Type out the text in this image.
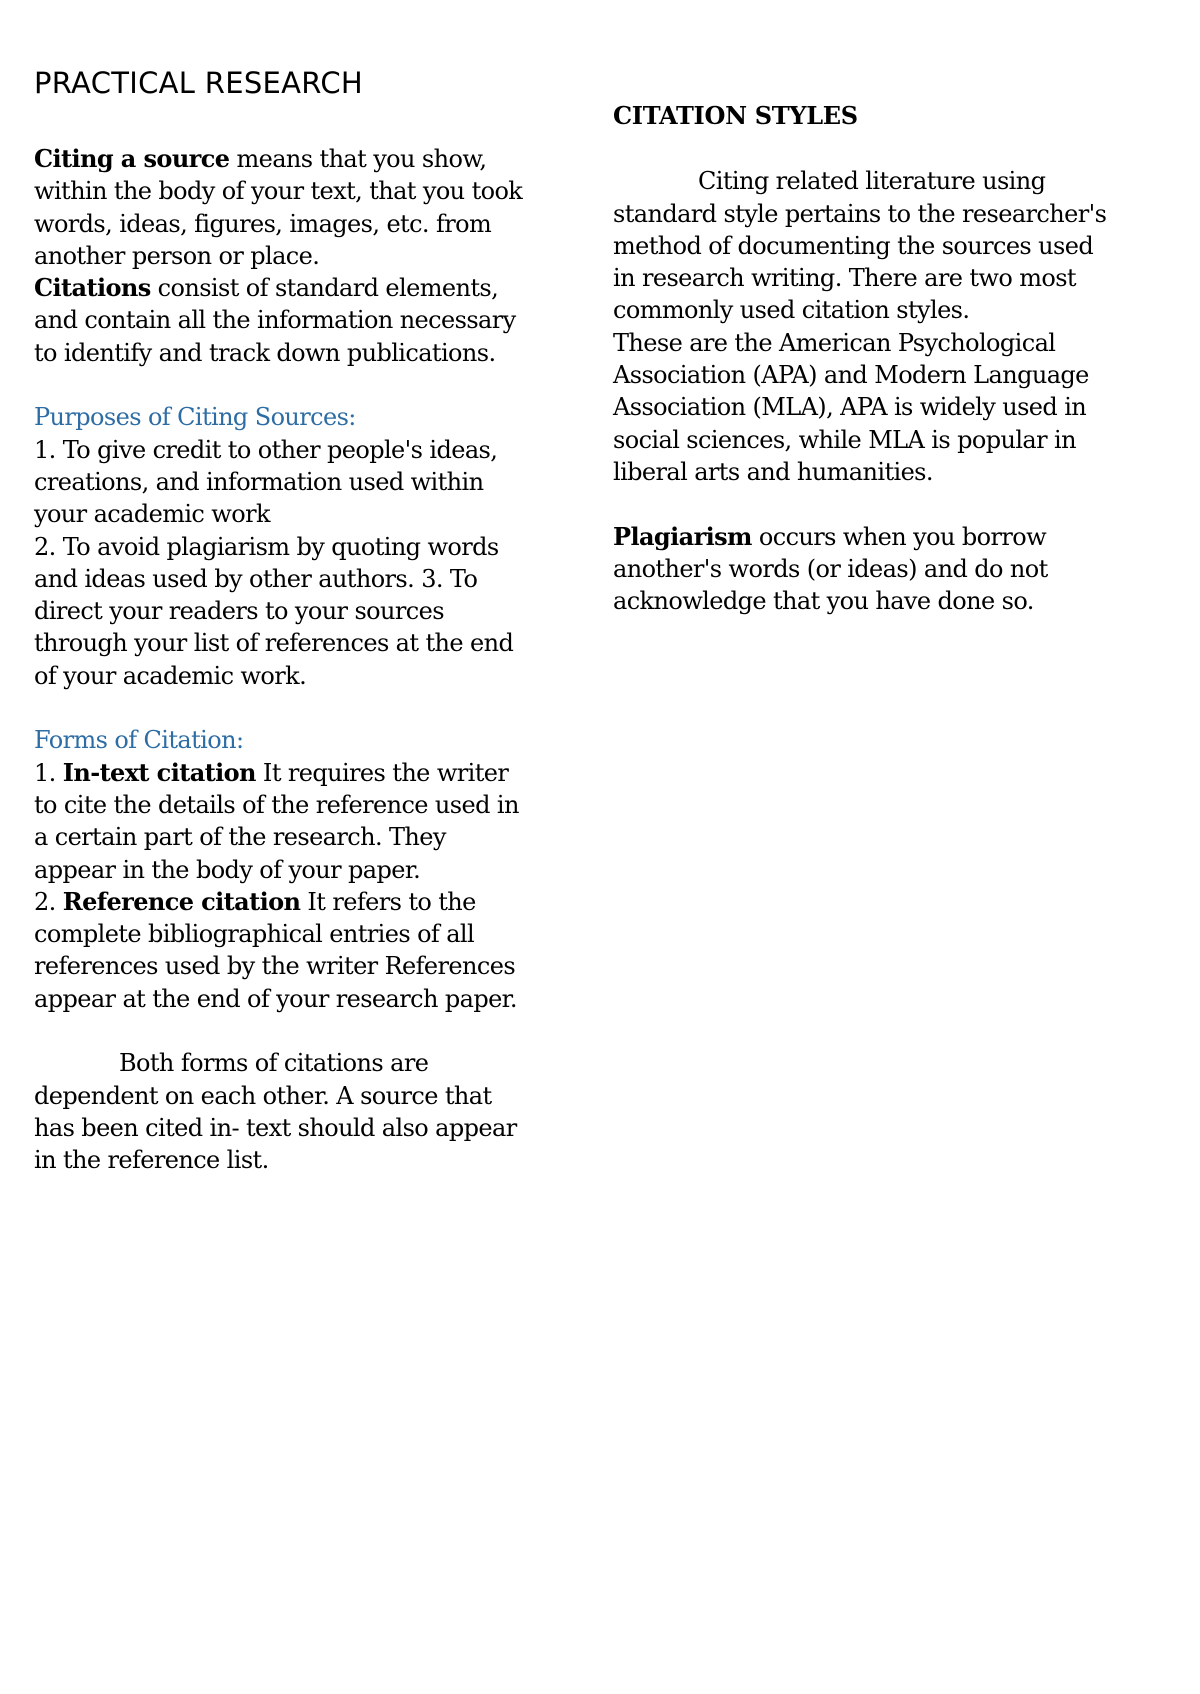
PRACTICAL RESEARCH

Citing a source means that you show, within the body of your text, that you took words, ideas, figures, images, etc. from another person or place.

Citations consist of standard elements, and contain all the information necessary to identify and track down publications.

Purposes of Citing Sources:

1. To give credit to other people's ideas, creations, and information used within your academic work

2. To avoid plagiarism by quoting words and ideas used by other authors. 3. To direct your readers to your sources through your list of references at the end of your academic work.

Forms of Citation:

1. In-text citation It requires the writer to cite the details of the reference used in a certain part of the research. They appear in the body of your paper.

2. Reference citation It refers to the complete bibliographical entries of all references used by the writer References appear at the end of your research paper.

Both forms of citations are dependent on each other. A source that has been cited in- text should also appear in the reference list.

CITATION STYLES

Citing related literature using standard style pertains to the researcher's method of documenting the sources used in research writing. There are two most commonly used citation styles.

These are the American Psychological Association (APA) and Modern Language Association (MLA), APA is widely used in social sciences, while MLA is popular in liberal arts and humanities.

Plagiarism occurs when you borrow another's words (or ideas) and do not acknowledge that you have done so.
